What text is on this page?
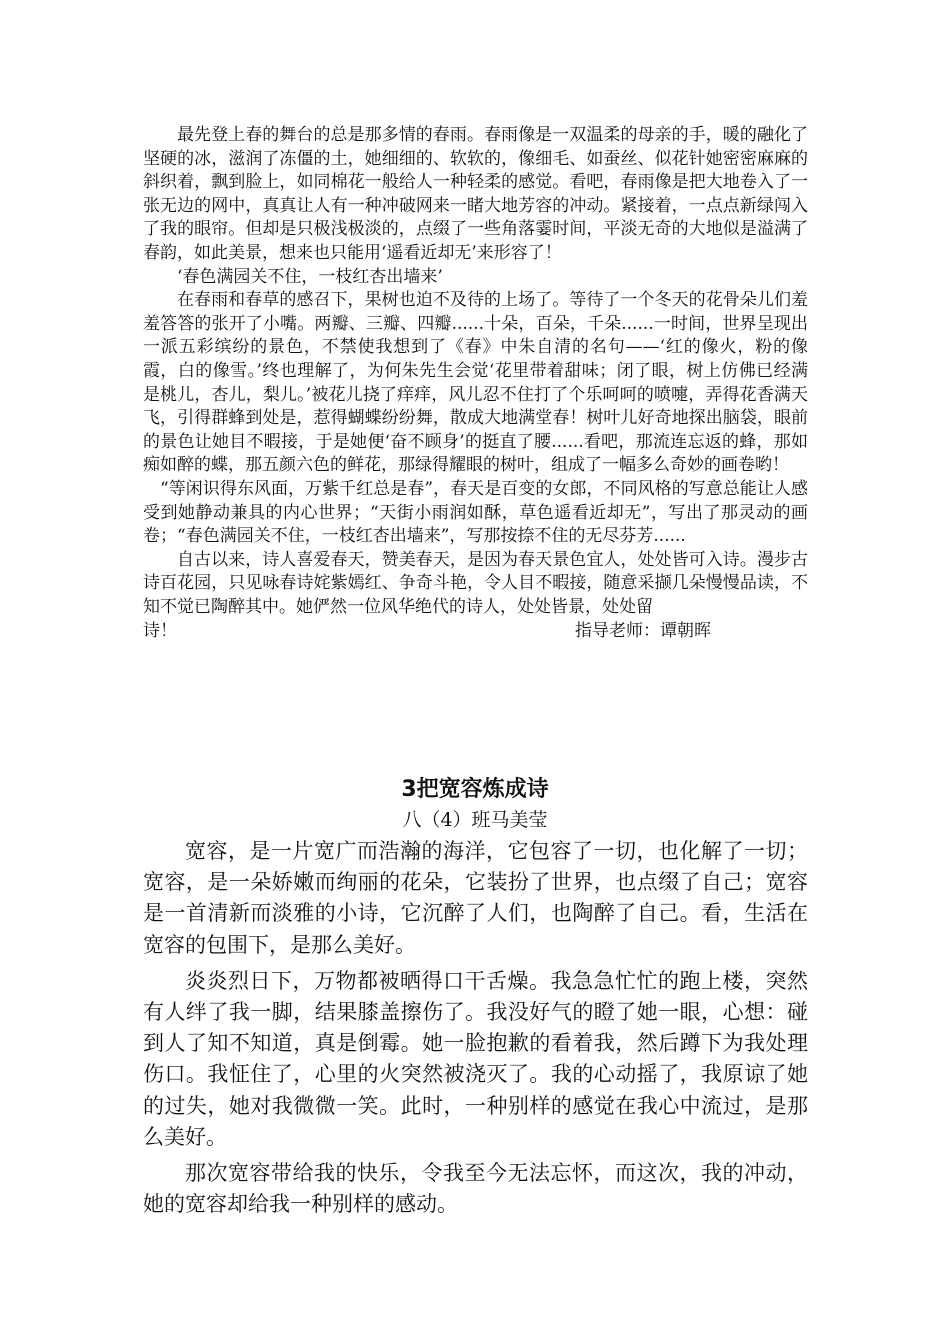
最先登上春的舞台的总是那多情的春雨。春雨像是一双温柔的母亲的手，暖的融化了坚硬的冰，滋润了冻僵的土，她细细的、软软的，像细毛、如蚕丝、似花针她密密麻麻的斜织着，飘到脸上，如同棉花一般给人一种轻柔的感觉。看吧，春雨像是把大地卷入了一张无边的网中，真真让人有一种冲破网来一睹大地芳容的冲动。紧接着，一点点新绿闯入了我的眼帘。但却是只极浅极淡的，点缀了一些角落霎时间，平淡无奇的大地似是溢满了春韵，如此美景，想来也只能用‘遥看近却无’来形容了！

‘春色满园关不住，一枝红杏出墙来’

在春雨和春草的感召下，果树也迫不及待的上场了。等待了一个冬天的花骨朵儿们羞羞答答的张开了小嘴。两瓣、三瓣、四瓣......十朵，百朵，千朵......一时间，世界呈现出一派五彩缤纷的景色，不禁使我想到了《春》中朱自清的名句——‘红的像火，粉的像霞，白的像雪。’终也理解了，为何朱先生会觉‘花里带着甜味；闭了眼，树上仿佛已经满是桃儿，杏儿，梨儿。’被花儿挠了痒痒，风儿忍不住打了个乐呵呵的喷嚏，弄得花香满天飞，引得群蜂到处是，惹得蝴蝶纷纷舞，散成大地满堂春！树叶儿好奇地探出脑袋，眼前的景色让她目不暇接，于是她便‘奋不顾身’的挺直了腰......看吧，那流连忘返的蜂，那如痴如醉的蝶，那五颜六色的鲜花，那绿得耀眼的树叶，组成了一幅多么奇妙的画卷哟！

“等闲识得东风面，万紫千红总是春”，春天是百变的女郎，不同风格的写意总能让人感受到她静动兼具的内心世界；“天街小雨润如酥，草色遥看近却无”，写出了那灵动的画卷；“春色满园关不住，一枝红杏出墙来”，写那按捺不住的无尽芬芳......

自古以来，诗人喜爱春天，赞美春天，是因为春天景色宜人，处处皆可入诗。漫步古诗百花园，只见咏春诗姹紫嫣红、争奇斗艳，令人目不暇接，随意采撷几朵慢慢品读，不知不觉已陶醉其中。她俨然一位风华绝代的诗人，处处皆景，处处留

诗！	指导老师：谭朝晖
3把宽容炼成诗
八（4）班马美莹

宽容，是一片宽广而浩瀚的海洋，它包容了一切，也化解了一切；宽容，是一朵娇嫩而绚丽的花朵，它装扮了世界，也点缀了自己；宽容是一首清新而淡雅的小诗，它沉醉了人们，也陶醉了自己。看，生活在宽容的包围下，是那么美好。

炎炎烈日下，万物都被晒得口干舌燥。我急急忙忙的跑上楼，突然有人绊了我一脚，结果膝盖擦伤了。我没好气的瞪了她一眼，心想：碰到人了知不知道，真是倒霉。她一脸抱歉的看着我，然后蹲下为我处理伤口。我怔住了，心里的火突然被浇灭了。我的心动摇了，我原谅了她的过失，她对我微微一笑。此时，一种别样的感觉在我心中流过，是那么美好。

那次宽容带给我的快乐，令我至今无法忘怀，而这次，我的冲动，她的宽容却给我一种别样的感动。
